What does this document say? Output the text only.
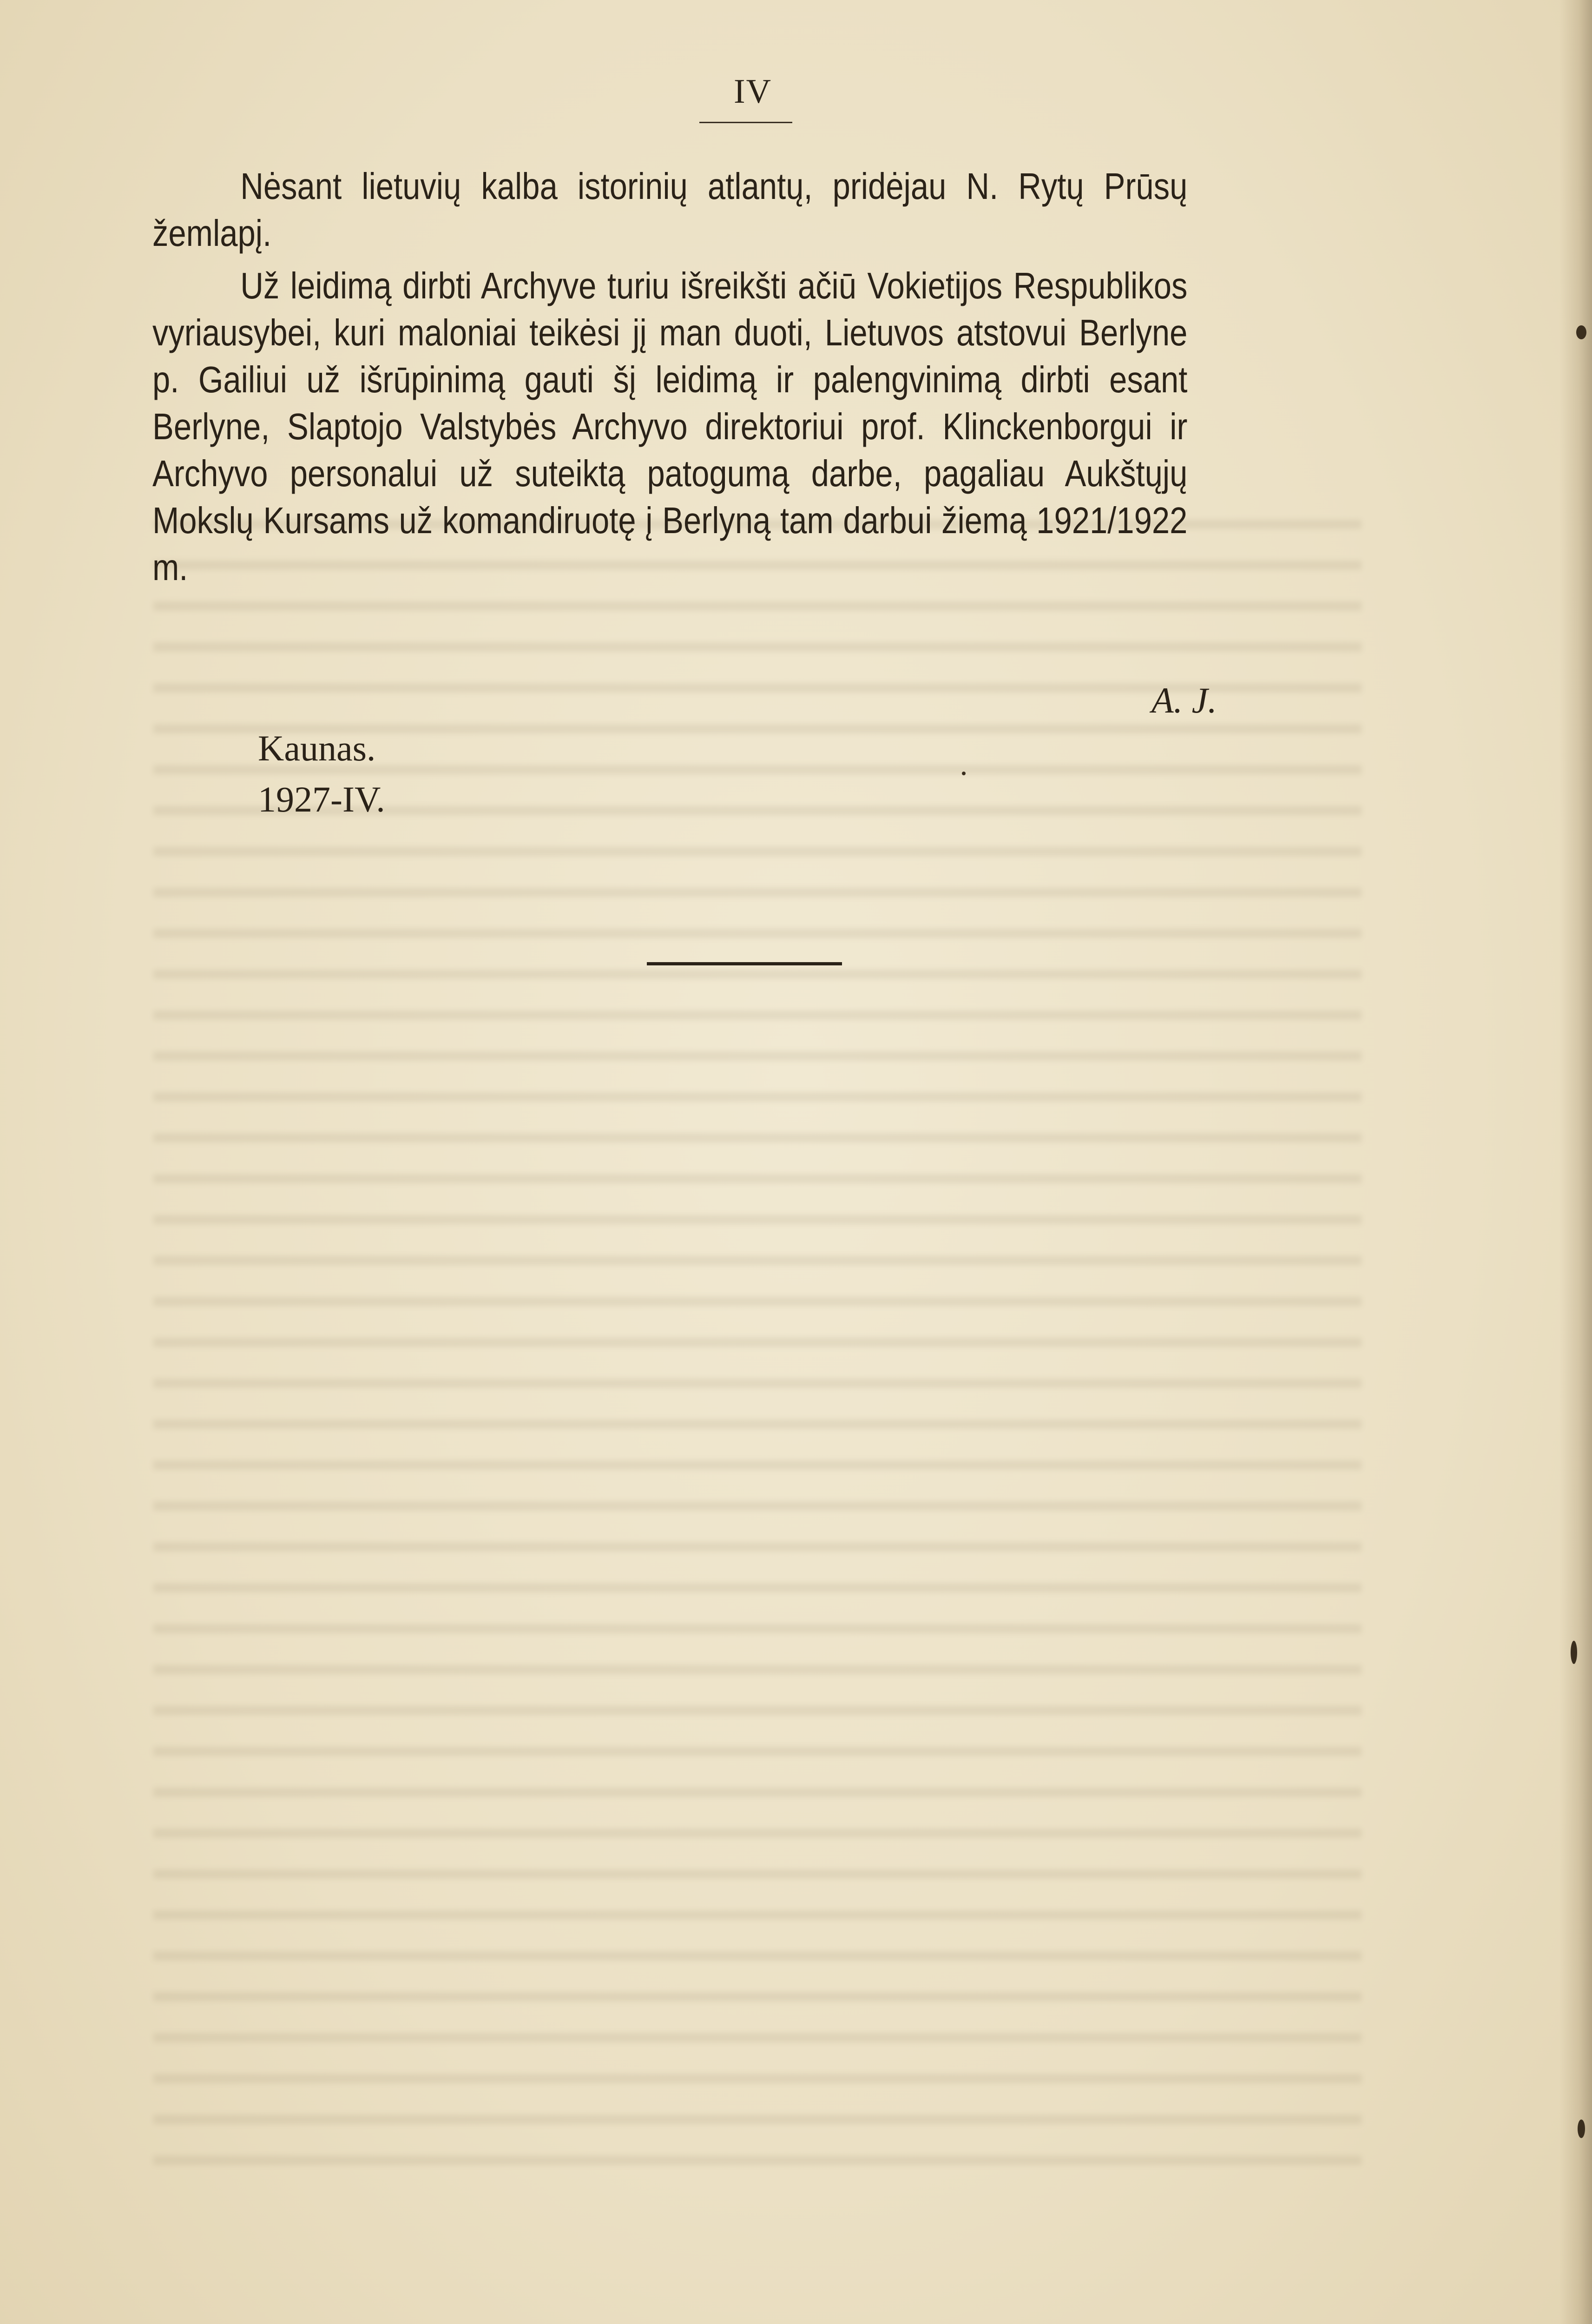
IV

Nėsant lietuvių kalba istorinių atlantų, pridėjau N. Rytų Prūsų žemlapį.

Už leidimą dirbti Archyve turiu išreikšti ačiū Vokietijos Respublikos vyriausybei, kuri maloniai teikėsi jį man duoti, Lietuvos atstovui Berlyne p. Gailiui už išrūpinimą gauti šį leidimą ir palengvinimą dirbti esant Berlyne, Slaptojo Valstybės Archyvo direktoriui prof. Klinckenborgui ir Archyvo personalui už suteiktą patogumą darbe, pagaliau Aukštųjų Mokslų Kursams už komandiruotę į Berlyną tam darbui žiemą 1921/1922 m.

A. J.
Kaunas.
1927-IV.
